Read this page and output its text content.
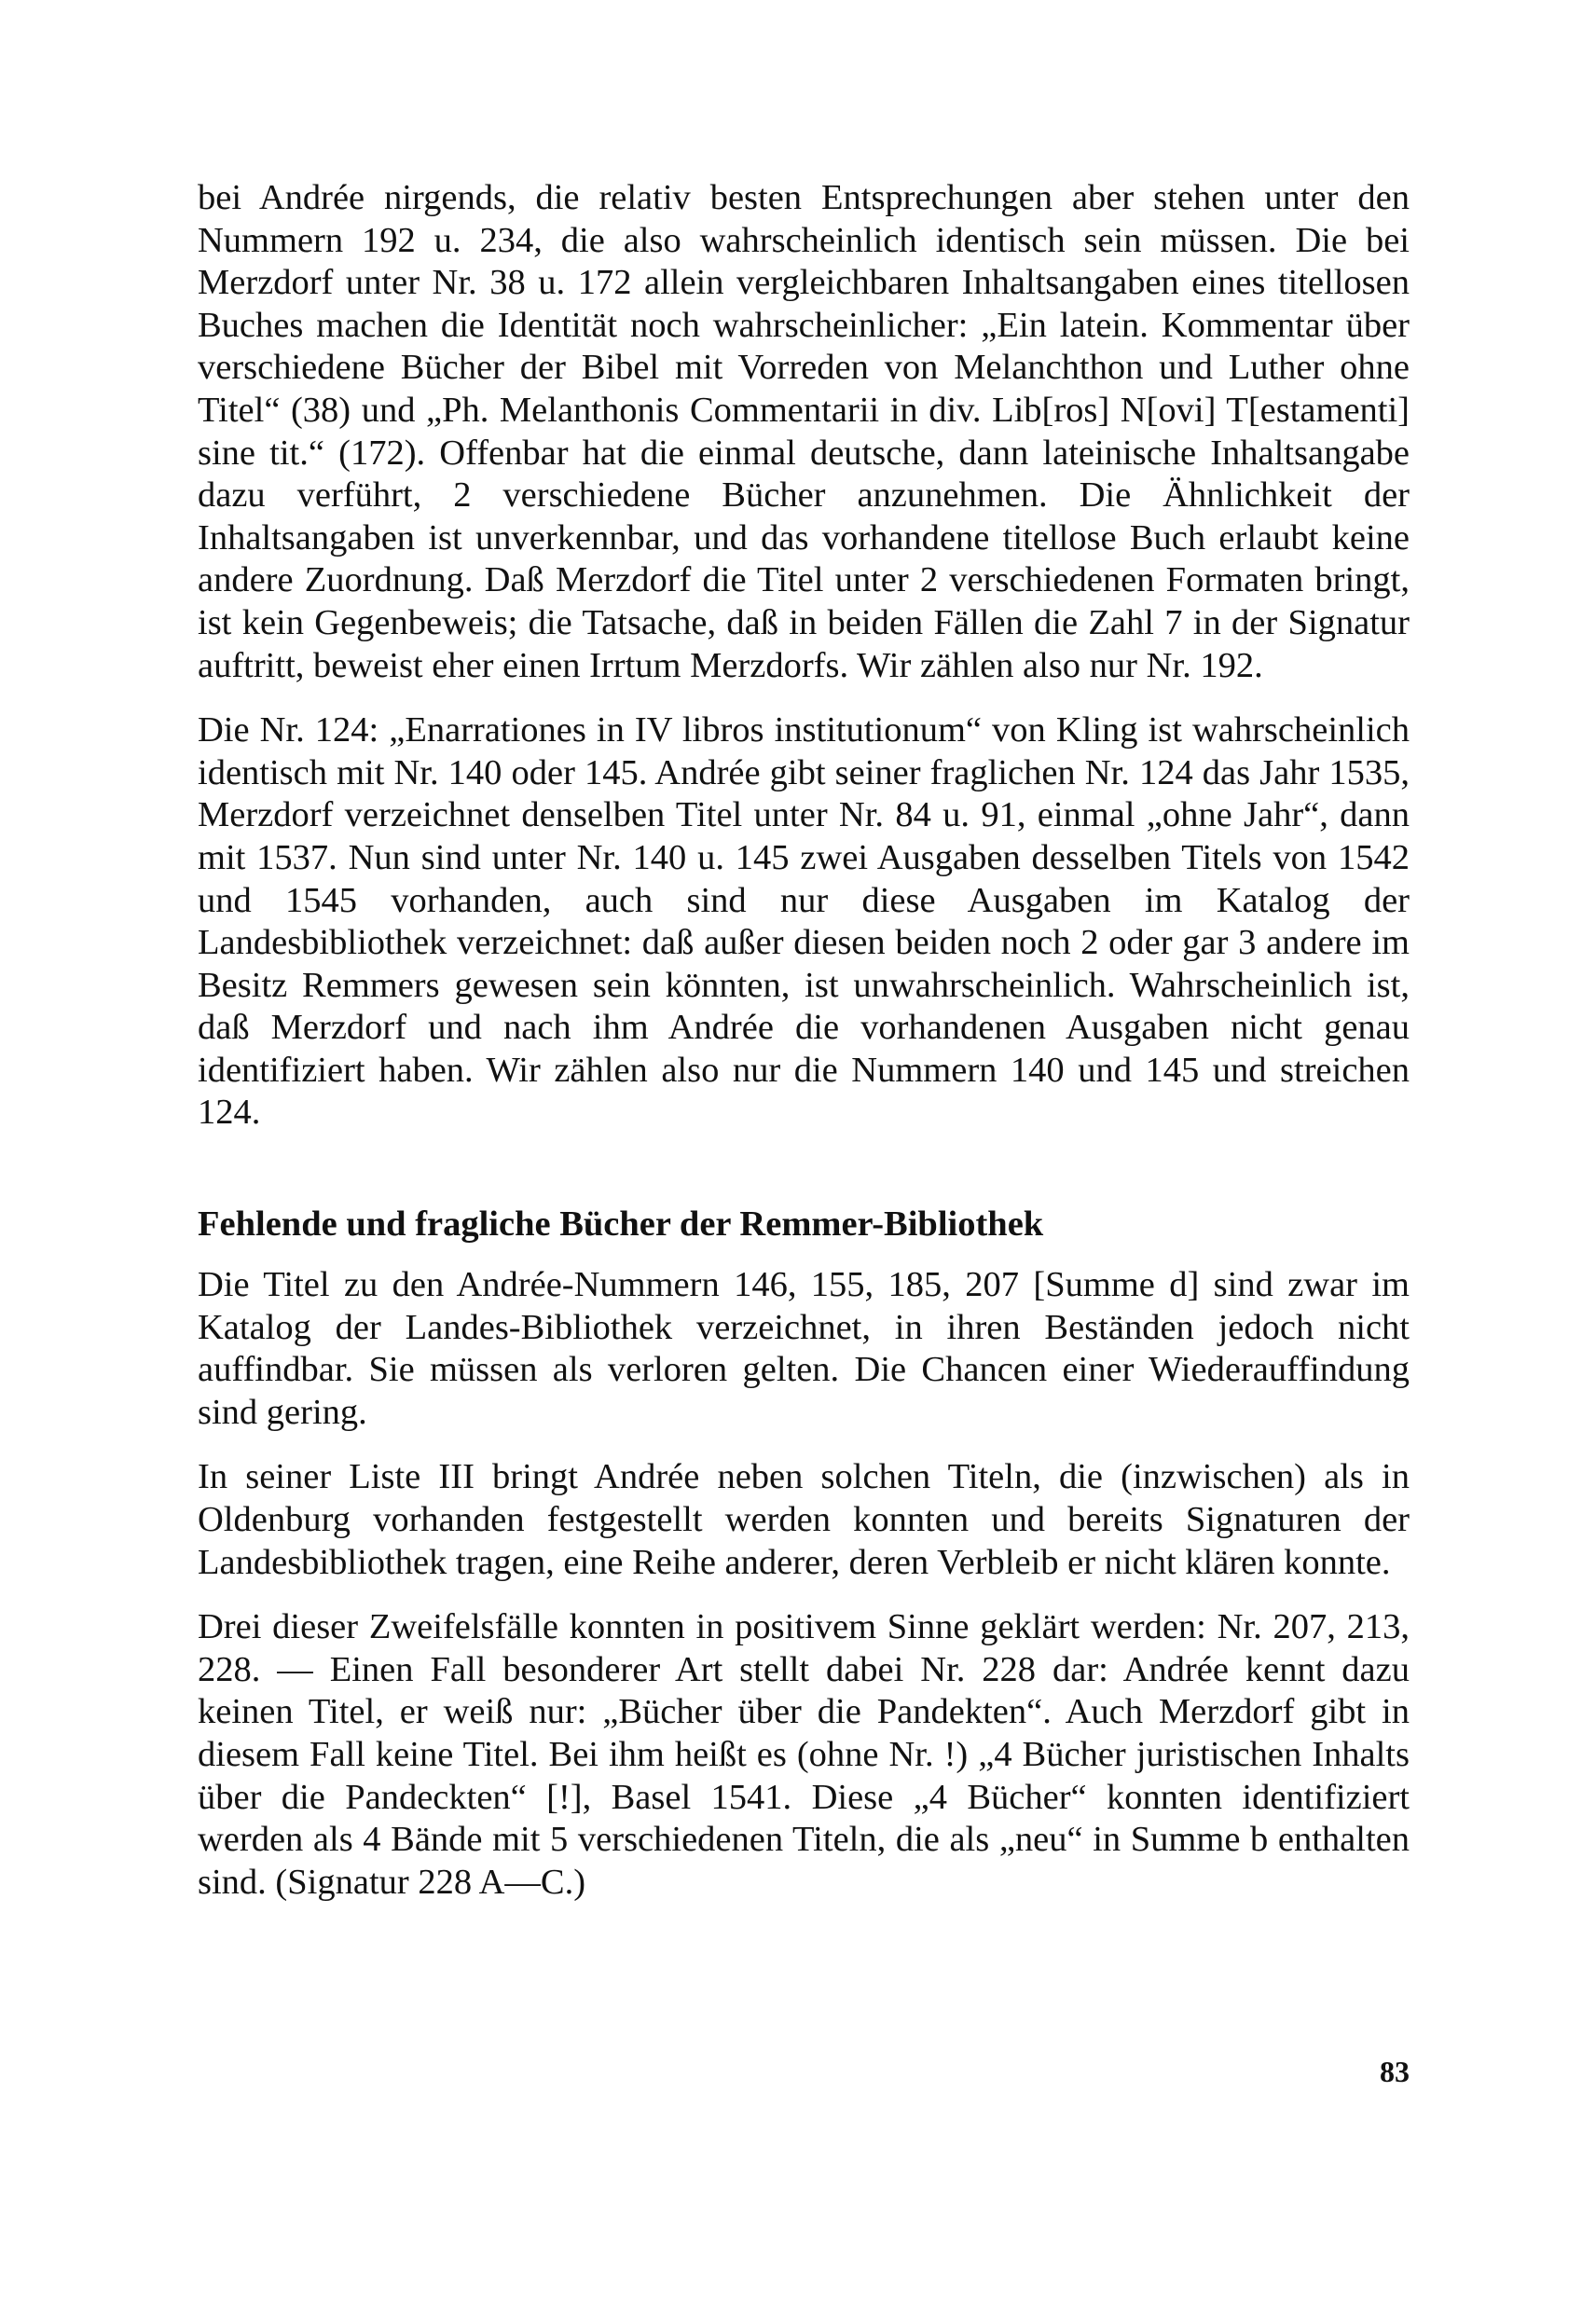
bei Andrée nirgends, die relativ besten Entsprechungen aber stehen unter den Nummern 192 u. 234, die also wahrscheinlich identisch sein müssen. Die bei Merzdorf unter Nr. 38 u. 172 allein vergleichbaren Inhaltsangaben eines titellosen Buches machen die Identität noch wahrscheinlicher: „Ein latein. Kommentar über verschiedene Bücher der Bibel mit Vorreden von Melanchthon und Luther ohne Titel“ (38) und „Ph. Melanthonis Commentarii in div. Lib[ros] N[ovi] T[estamenti] sine tit.“ (172). Offenbar hat die einmal deutsche, dann lateinische Inhaltsangabe dazu verführt, 2 verschiedene Bücher anzunehmen. Die Ähnlichkeit der Inhaltsangaben ist unverkennbar, und das vorhandene titellose Buch erlaubt keine andere Zuordnung. Daß Merzdorf die Titel unter 2 verschiedenen Formaten bringt, ist kein Gegenbeweis; die Tatsache, daß in beiden Fällen die Zahl 7 in der Signatur auftritt, beweist eher einen Irrtum Merzdorfs. Wir zählen also nur Nr. 192.

Die Nr. 124: „Enarrationes in IV libros institutionum“ von Kling ist wahrscheinlich identisch mit Nr. 140 oder 145. Andrée gibt seiner fraglichen Nr. 124 das Jahr 1535, Merzdorf verzeichnet denselben Titel unter Nr. 84 u. 91, einmal „ohne Jahr“, dann mit 1537. Nun sind unter Nr. 140 u. 145 zwei Ausgaben desselben Titels von 1542 und 1545 vorhanden, auch sind nur diese Ausgaben im Katalog der Landesbibliothek verzeichnet: daß außer diesen beiden noch 2 oder gar 3 andere im Besitz Remmers gewesen sein könnten, ist unwahrscheinlich. Wahrscheinlich ist, daß Merzdorf und nach ihm Andrée die vorhandenen Ausgaben nicht genau identifiziert haben. Wir zählen also nur die Nummern 140 und 145 und streichen 124.

Fehlende und fragliche Bücher der Remmer-Bibliothek

Die Titel zu den Andrée-Nummern 146, 155, 185, 207 [Summe d] sind zwar im Katalog der Landes-Bibliothek verzeichnet, in ihren Beständen jedoch nicht auffindbar. Sie müssen als verloren gelten. Die Chancen einer Wiederauffindung sind gering.

In seiner Liste III bringt Andrée neben solchen Titeln, die (inzwischen) als in Oldenburg vorhanden festgestellt werden konnten und bereits Signaturen der Landesbibliothek tragen, eine Reihe anderer, deren Verbleib er nicht klären konnte.

Drei dieser Zweifelsfälle konnten in positivem Sinne geklärt werden: Nr. 207, 213, 228. — Einen Fall besonderer Art stellt dabei Nr. 228 dar: Andrée kennt dazu keinen Titel, er weiß nur: „Bücher über die Pandekten“. Auch Merzdorf gibt in diesem Fall keine Titel. Bei ihm heißt es (ohne Nr. !) „4 Bücher juristischen Inhalts über die Pandeckten“ [!], Basel 1541. Diese „4 Bücher“ konnten identifiziert werden als 4 Bände mit 5 verschiedenen Titeln, die als „neu“ in Summe b enthalten sind. (Signatur 228 A—C.)

83
